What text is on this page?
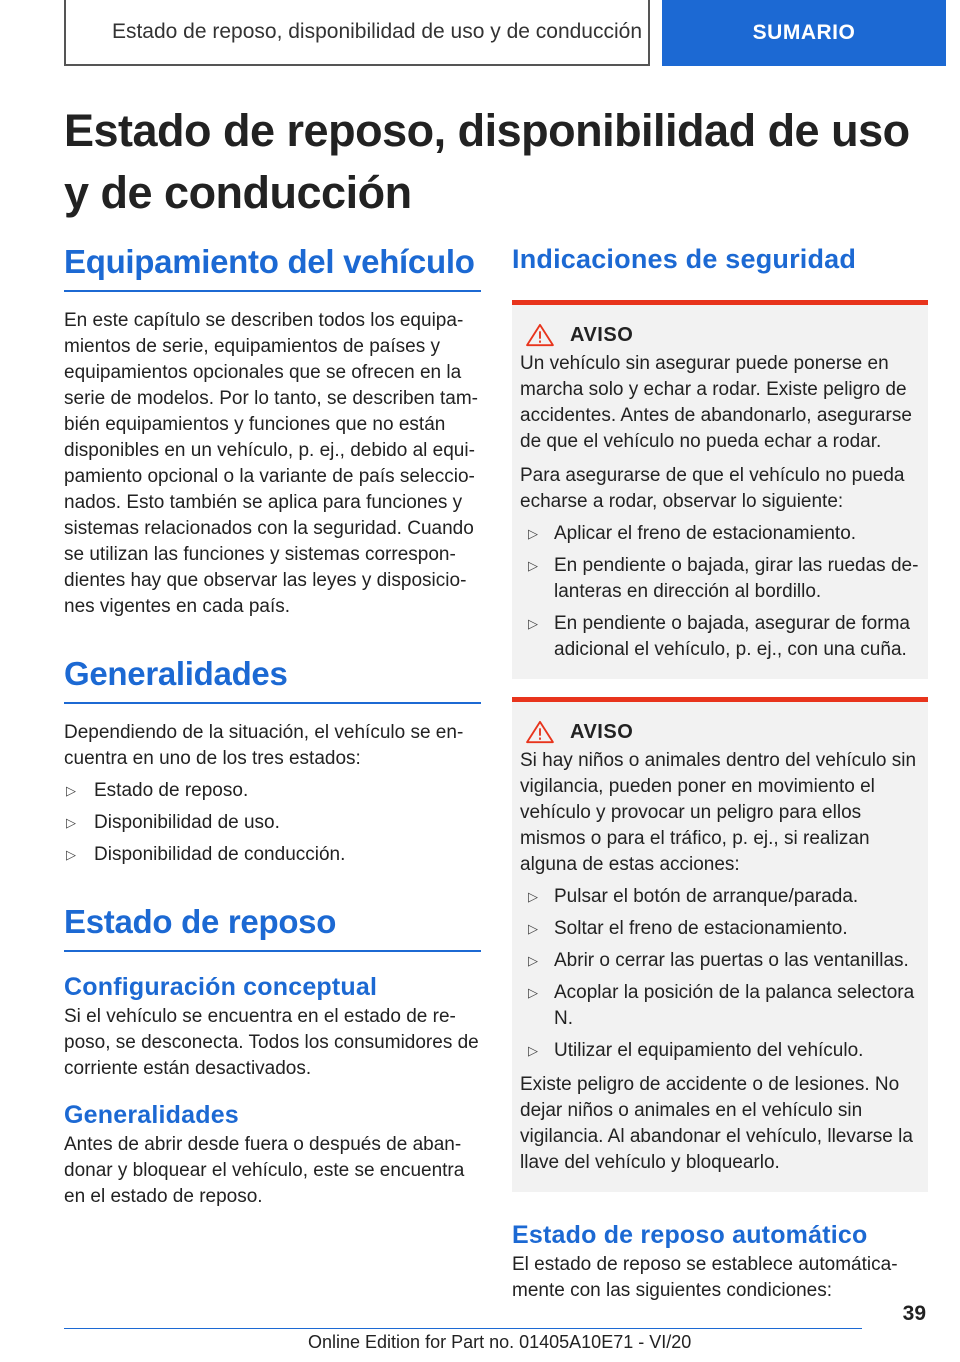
Estado de reposo, disponibilidad de uso y de conducción	SUMARIO
Estado de reposo, disponibilidad de uso y de conducción
Equipamiento del vehículo

En este capítulo se describen todos los equipamientos de serie, equipamientos de países y equipamientos opcionales que se ofrecen en la serie de modelos. Por lo tanto, se describen también equipamientos y funciones que no están disponibles en un vehículo, p. ej., debido al equipamiento opcional o la variante de país seleccionados. Esto también se aplica para funciones y sistemas relacionados con la seguridad. Cuando se utilizan las funciones y sistemas correspondientes hay que observar las leyes y disposiciones vigentes en cada país.

Generalidades

Dependiendo de la situación, el vehículo se encuentra en uno de los tres estados:

▷ Estado de reposo.
▷ Disponibilidad de uso.
▷ Disponibilidad de conducción.
Estado de reposo
Configuración conceptual

Si el vehículo se encuentra en el estado de reposo, se desconecta. Todos los consumidores de corriente están desactivados.

Generalidades

Antes de abrir desde fuera o después de abandonar y bloquear el vehículo, este se encuentra en el estado de reposo.

Indicaciones de seguridad
AVISO

Un vehículo sin asegurar puede ponerse en marcha solo y echar a rodar. Existe peligro de accidentes. Antes de abandonarlo, asegurarse de que el vehículo no pueda echar a rodar.

Para asegurarse de que el vehículo no pueda echarse a rodar, observar lo siguiente:

▷ Aplicar el freno de estacionamiento.
▷ En pendiente o bajada, girar las ruedas delanteras en dirección al bordillo.
▷ En pendiente o bajada, asegurar de forma adicional el vehículo, p. ej., con una cuña.
AVISO

Si hay niños o animales dentro del vehículo sin vigilancia, pueden poner en movimiento el vehículo y provocar un peligro para ellos mismos o para el tráfico, p. ej., si realizan alguna de estas acciones:

▷ Pulsar el botón de arranque/parada.
▷ Soltar el freno de estacionamiento.
▷ Abrir o cerrar las puertas o las ventanillas.
▷ Acoplar la posición de la palanca selectora N.
▷ Utilizar el equipamiento del vehículo.

Existe peligro de accidente o de lesiones. No dejar niños o animales en el vehículo sin vigilancia. Al abandonar el vehículo, llevarse la llave del vehículo y bloquearlo.

Estado de reposo automático

El estado de reposo se establece automáticamente con las siguientes condiciones:

39
Online Edition for Part no. 01405A10E71 - VI/20
